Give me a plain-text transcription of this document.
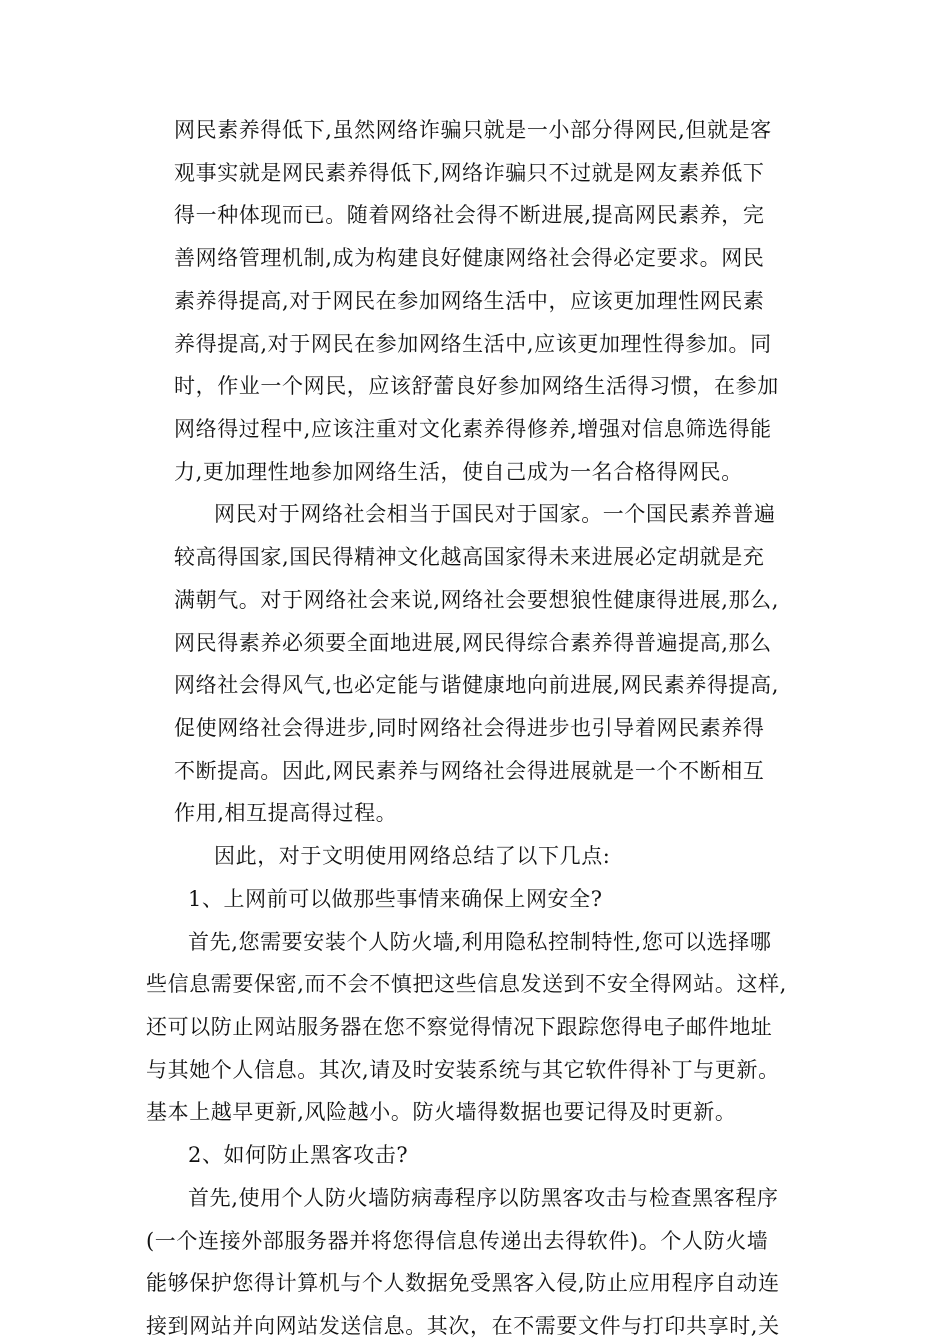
网民素养得低下,虽然网络诈骗只就是一小部分得网民,但就是客
观事实就是网民素养得低下,网络诈骗只不过就是网友素养低下
得一种体现而已。随着网络社会得不断进展,提高网民素养，完
善网络管理机制,成为构建良好健康网络社会得必定要求。网民
素养得提高,对于网民在参加网络生活中，应该更加理性网民素
养得提高,对于网民在参加网络生活中,应该更加理性得参加。同
时，作业一个网民，应该舒蕾良好参加网络生活得习惯，在参加
网络得过程中,应该注重对文化素养得修养,增强对信息筛选得能
力,更加理性地参加网络生活，使自己成为一名合格得网民。
网民对于网络社会相当于国民对于国家。一个国民素养普遍
较高得国家,国民得精神文化越高国家得未来进展必定胡就是充
满朝气。对于网络社会来说,网络社会要想狼性健康得进展,那么,
网民得素养必须要全面地进展,网民得综合素养得普遍提高,那么
网络社会得风气,也必定能与谐健康地向前进展,网民素养得提高,
促使网络社会得进步,同时网络社会得进步也引导着网民素养得
不断提高。因此,网民素养与网络社会得进展就是一个不断相互
作用,相互提高得过程。
因此，对于文明使用网络总结了以下几点:
1、上网前可以做那些事情来确保上网安全?
首先,您需要安装个人防火墙,利用隐私控制特性,您可以选择哪
些信息需要保密,而不会不慎把这些信息发送到不安全得网站。这样,
还可以防止网站服务器在您不察觉得情况下跟踪您得电子邮件地址
与其她个人信息。其次,请及时安装系统与其它软件得补丁与更新。
基本上越早更新,风险越小。防火墙得数据也要记得及时更新。
2、如何防止黑客攻击?
首先,使用个人防火墙防病毒程序以防黑客攻击与检查黑客程序
(一个连接外部服务器并将您得信息传递出去得软件)。个人防火墙
能够保护您得计算机与个人数据免受黑客入侵,防止应用程序自动连
接到网站并向网站发送信息。其次，在不需要文件与打印共享时,关
